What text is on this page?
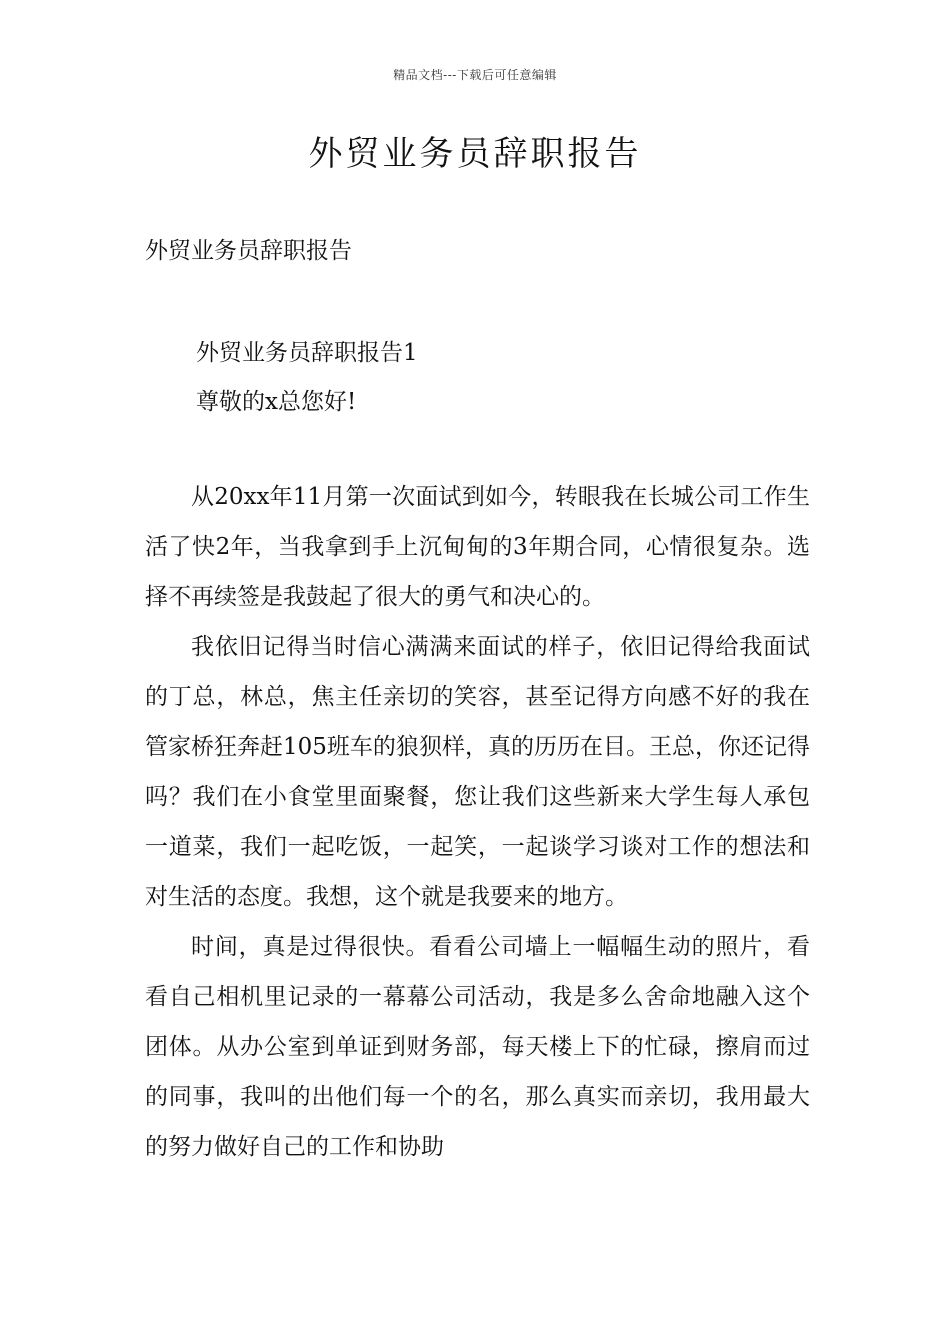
精品文档---下载后可任意编辑
外贸业务员辞职报告
外贸业务员辞职报告
外贸业务员辞职报告1
尊敬的x总您好!

从20xx年11月第一次面试到如今，转眼我在长城公司工作生活了快2年，当我拿到手上沉甸甸的3年期合同，心情很复杂。选择不再续签是我鼓起了很大的勇气和决心的。

我依旧记得当时信心满满来面试的样子，依旧记得给我面试的丁总，林总，焦主任亲切的笑容，甚至记得方向感不好的我在管家桥狂奔赶105班车的狼狈样，真的历历在目。王总，你还记得吗？我们在小食堂里面聚餐，您让我们这些新来大学生每人承包一道菜，我们一起吃饭，一起笑，一起谈学习谈对工作的想法和对生活的态度。我想，这个就是我要来的地方。

时间，真是过得很快。看看公司墙上一幅幅生动的照片，看看自己相机里记录的一幕幕公司活动，我是多么舍命地融入这个团体。从办公室到单证到财务部，每天楼上下的忙碌，擦肩而过的同事，我叫的出他们每一个的名，那么真实而亲切，我用最大的努力做好自己的工作和协助
